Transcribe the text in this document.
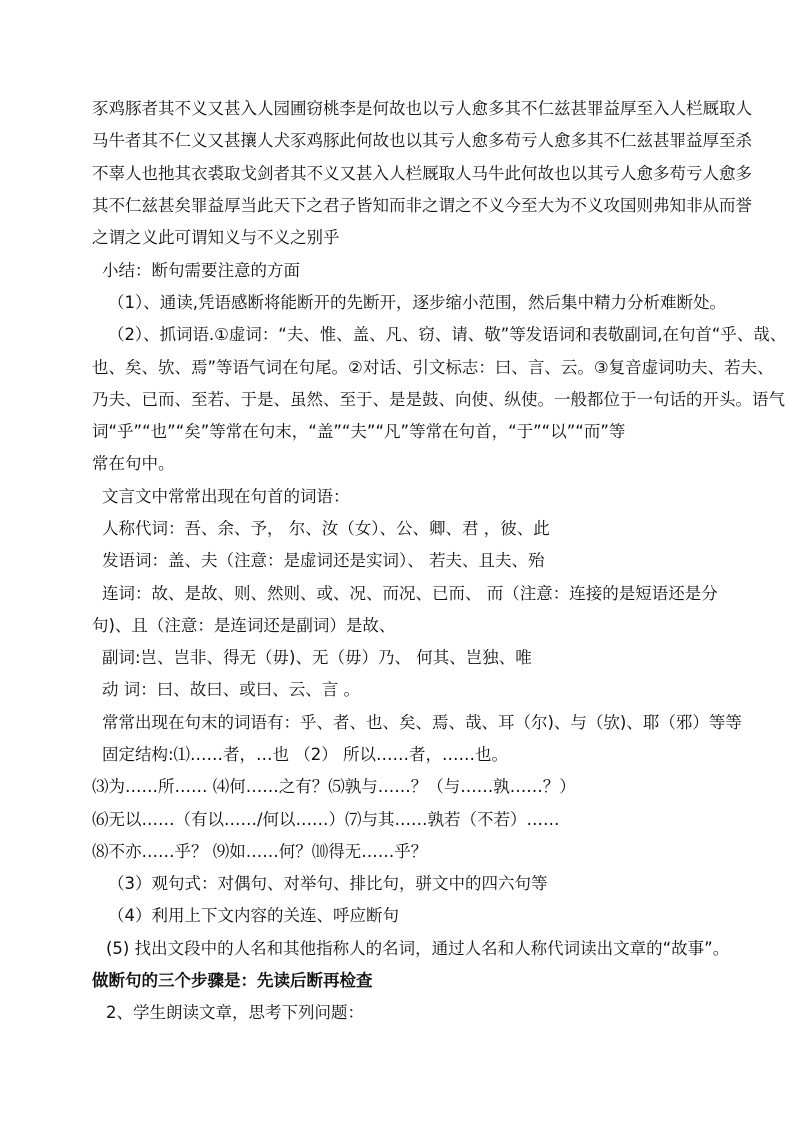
豕鸡豚者其不义又甚入人园圃窃桃李是何故也以亏人愈多其不仁兹甚罪益厚至入人栏厩取人
马牛者其不仁义又甚攘人犬豕鸡豚此何故也以其亏人愈多苟亏人愈多其不仁兹甚罪益厚至杀
不辜人也扡其衣裘取戈剑者其不义又甚入人栏厩取人马牛此何故也以其亏人愈多苟亏人愈多
其不仁兹甚矣罪益厚当此天下之君子皆知而非之谓之不义今至大为不义攻国则弗知非从而誉
之谓之义此可谓知义与不义之别乎
小结：断句需要注意的方面
（1）、通读,凭语感断将能断开的先断开，逐步缩小范围，然后集中精力分析难断处。
（2）、抓词语.①虚词：“夫、惟、盖、凡、窃、请、敬”等发语词和表敬副词,在句首“乎、哉、
也、矣、欤、焉”等语气词在句尾。②对话、引文标志：曰、言、云。③复音虚词叻夫、若夫、
乃夫、已而、至若、于是、虽然、至于、是是鼓、向使、纵使。一般都位于一句话的开头。语气
词“乎”“也”“矣”等常在句末，“盖”“夫”“凡”等常在句首，“于”“以”“而”等
常在句中。
文言文中常常出现在句首的词语：
人称代词：吾、余、予， 尔、汝（女）、公、卿、君 ，彼、此
发语词：盖、夫（注意：是虚词还是实词）、 若夫、且夫、殆
连词：故、是故、则、然则、或、况、而况、已而、 而（注意：连接的是短语还是分
句)、且（注意：是连词还是副词）是故、
副词:岂、岂非、得无（毋)、无（毋）乃、 何其、岂独、唯
动 词：曰、故曰、或曰、云、言 。
常常出现在句末的词语有：乎、者、也、矣、焉、哉、耳（尔)、与（欤)、耶（邪）等等
固定结构:⑴……者，…也 （2） 所以……者，……也。
⑶为……所…… ⑷何……之有？⑸孰与……？（与……孰……？）
⑹无以……（有以……/何以……）⑺与其……孰若（不若）……
⑻不亦……乎？ ⑼如……何？⑽得无……乎？
（3）观句式：对偶句、对举句、排比句，骈文中的四六句等
（4）利用上下文内容的关连、呼应断句
(5) 找出文段中的人名和其他指称人的名词，通过人名和人称代词读出文章的“故事”。
做断句的三个步骤是：先读后断再检查
2、学生朗读文章，思考下列问题：
